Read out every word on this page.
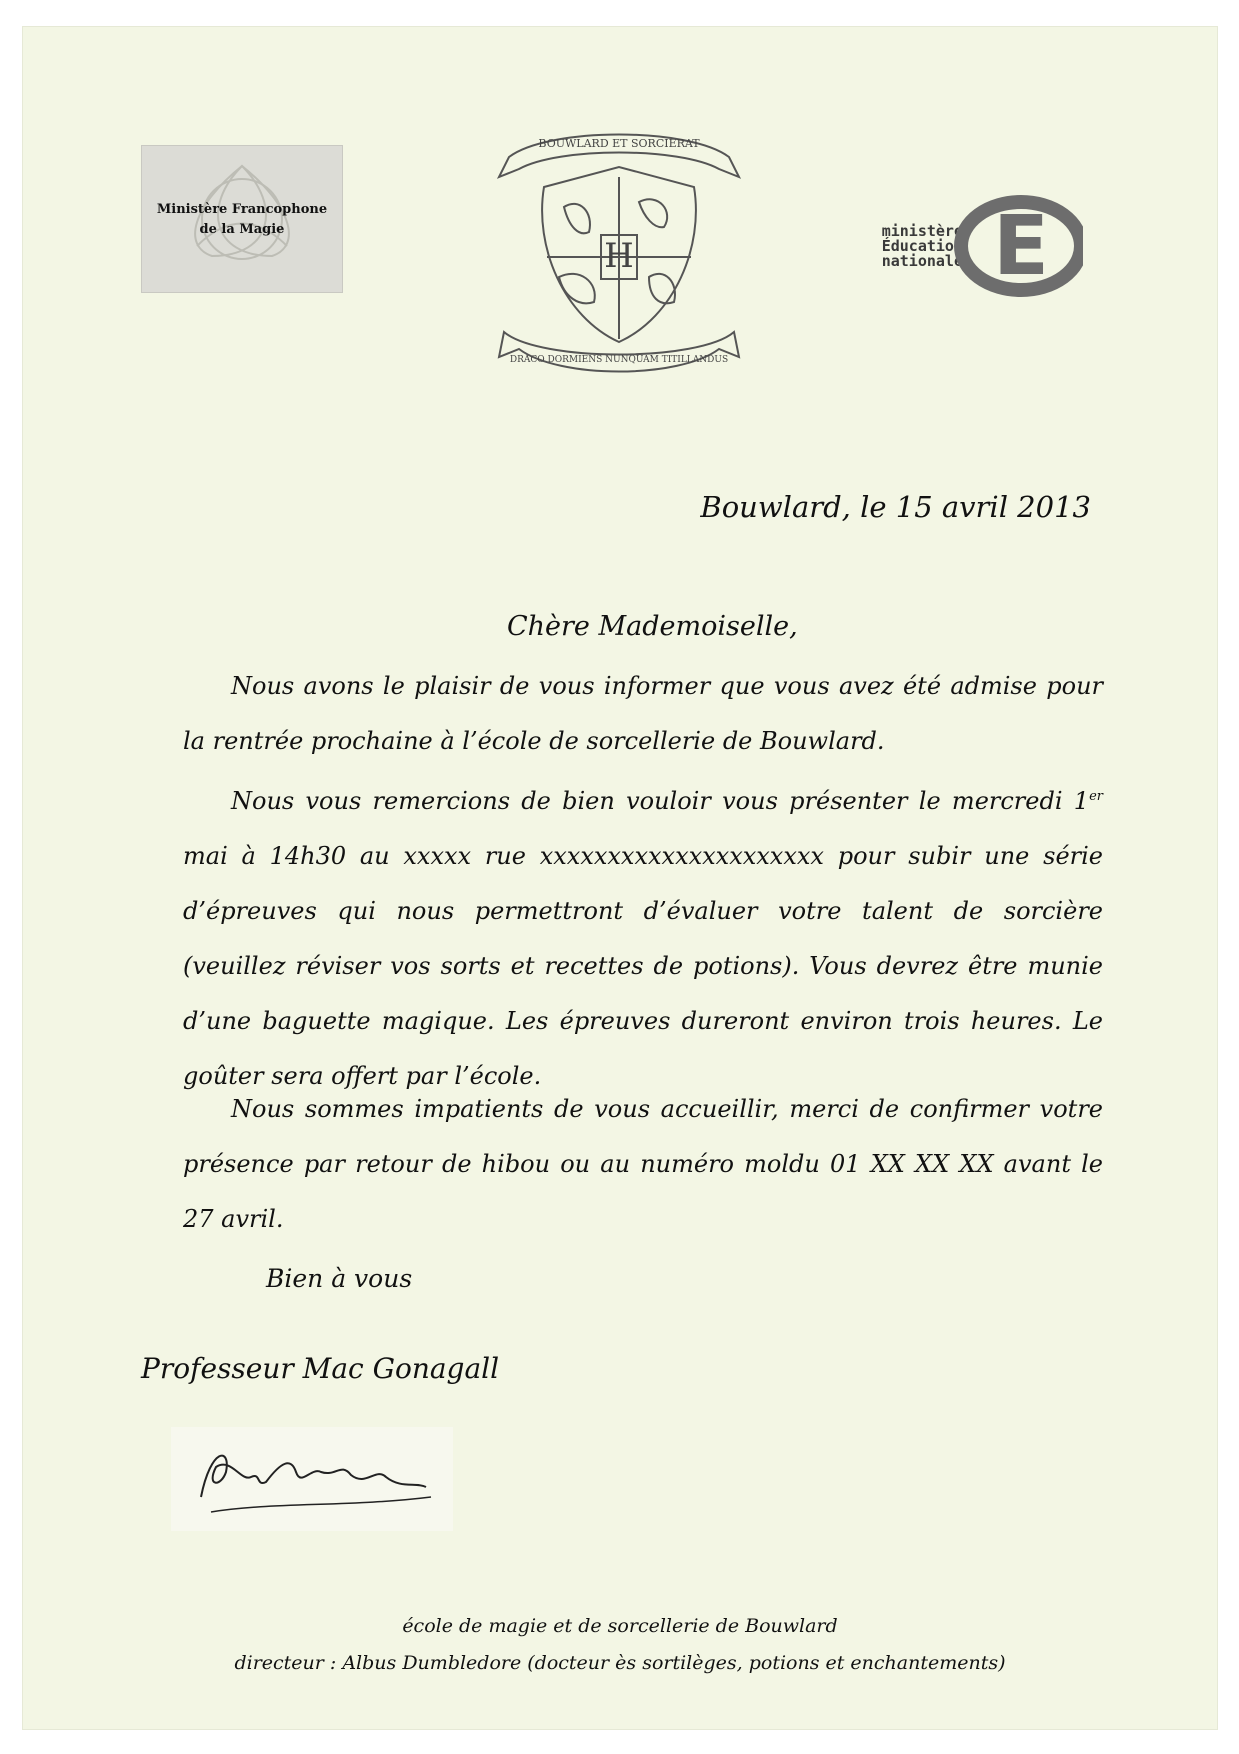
Ministère Francophone
de la Magie
BOUWLARD ET SORCIERAT
DRACO DORMIENS NUNQUAM TITILLANDUS
H
ministère
Éducation
nationale É
Bouwlard, le 15 avril 2013
Chère Mademoiselle,
Nous avons le plaisir de vous informer que vous avez été admise pour la rentrée prochaine à l’école de sorcellerie de Bouwlard.
Nous vous remercions de bien vouloir vous présenter le mercredi 1er mai à 14h30 au xxxxx rue xxxxxxxxxxxxxxxxxxxxx pour subir une série d’épreuves qui nous permettront d’évaluer votre talent de sorcière (veuillez réviser vos sorts et recettes de potions). Vous devrez être munie d’une baguette magique. Les épreuves dureront environ trois heures. Le goûter sera offert par l’école.
Nous sommes impatients de vous accueillir, merci de confirmer votre présence par retour de hibou ou au numéro moldu 01 XX XX XX avant le 27 avril.
Bien à vous
Professeur Mac Gonagall
école de magie et de sorcellerie de Bouwlard
directeur : Albus Dumbledore (docteur ès sortilèges, potions et enchantements)
